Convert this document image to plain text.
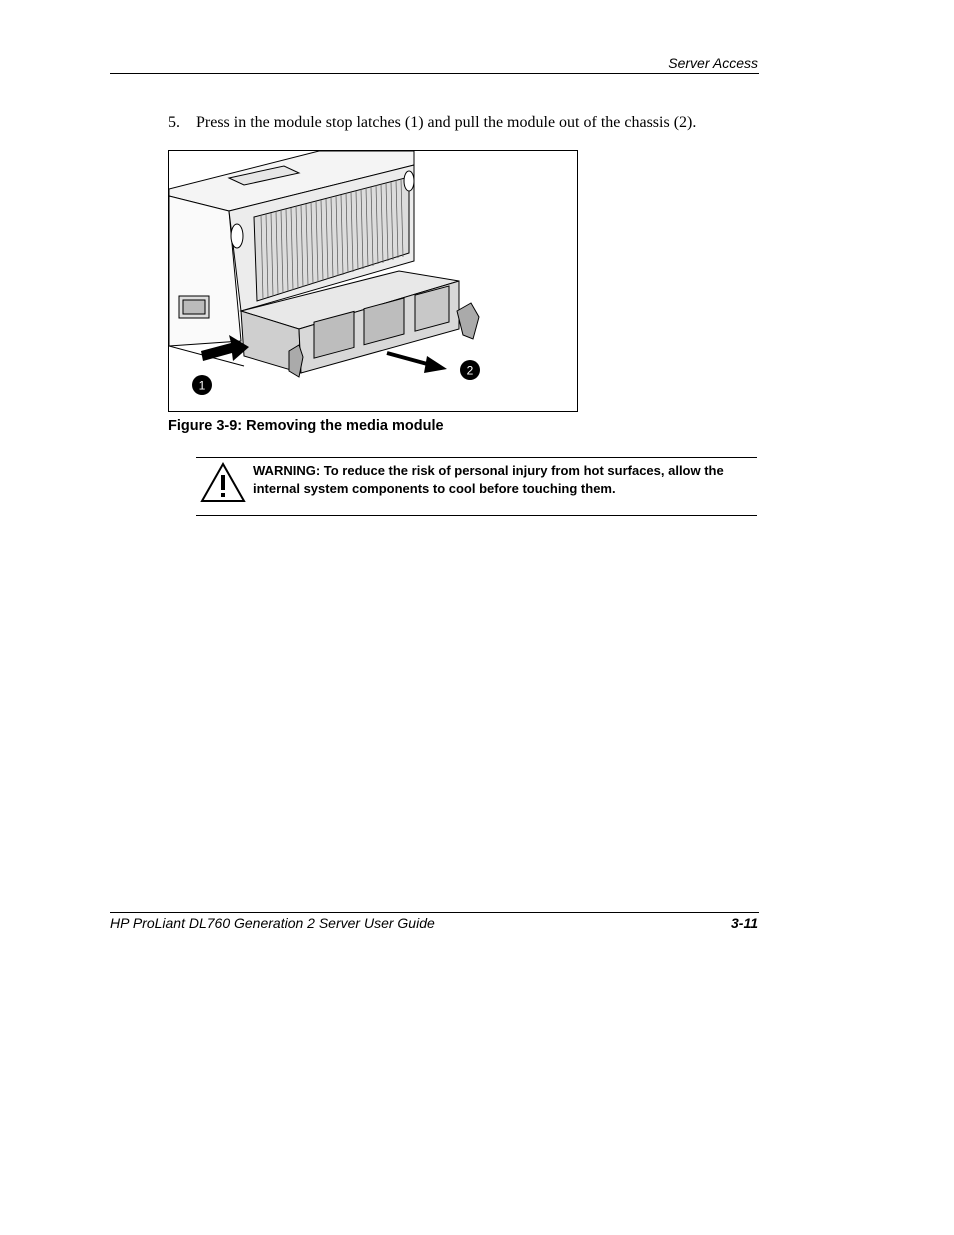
Server Access
5. Press in the module stop latches (1) and pull the module out of the chassis (2).
1
2
Figure 3-9: Removing the media module
WARNING: To reduce the risk of personal injury from hot surfaces, allow the internal system components to cool before touching them.
HP ProLiant DL760 Generation 2 Server User Guide	3-11
